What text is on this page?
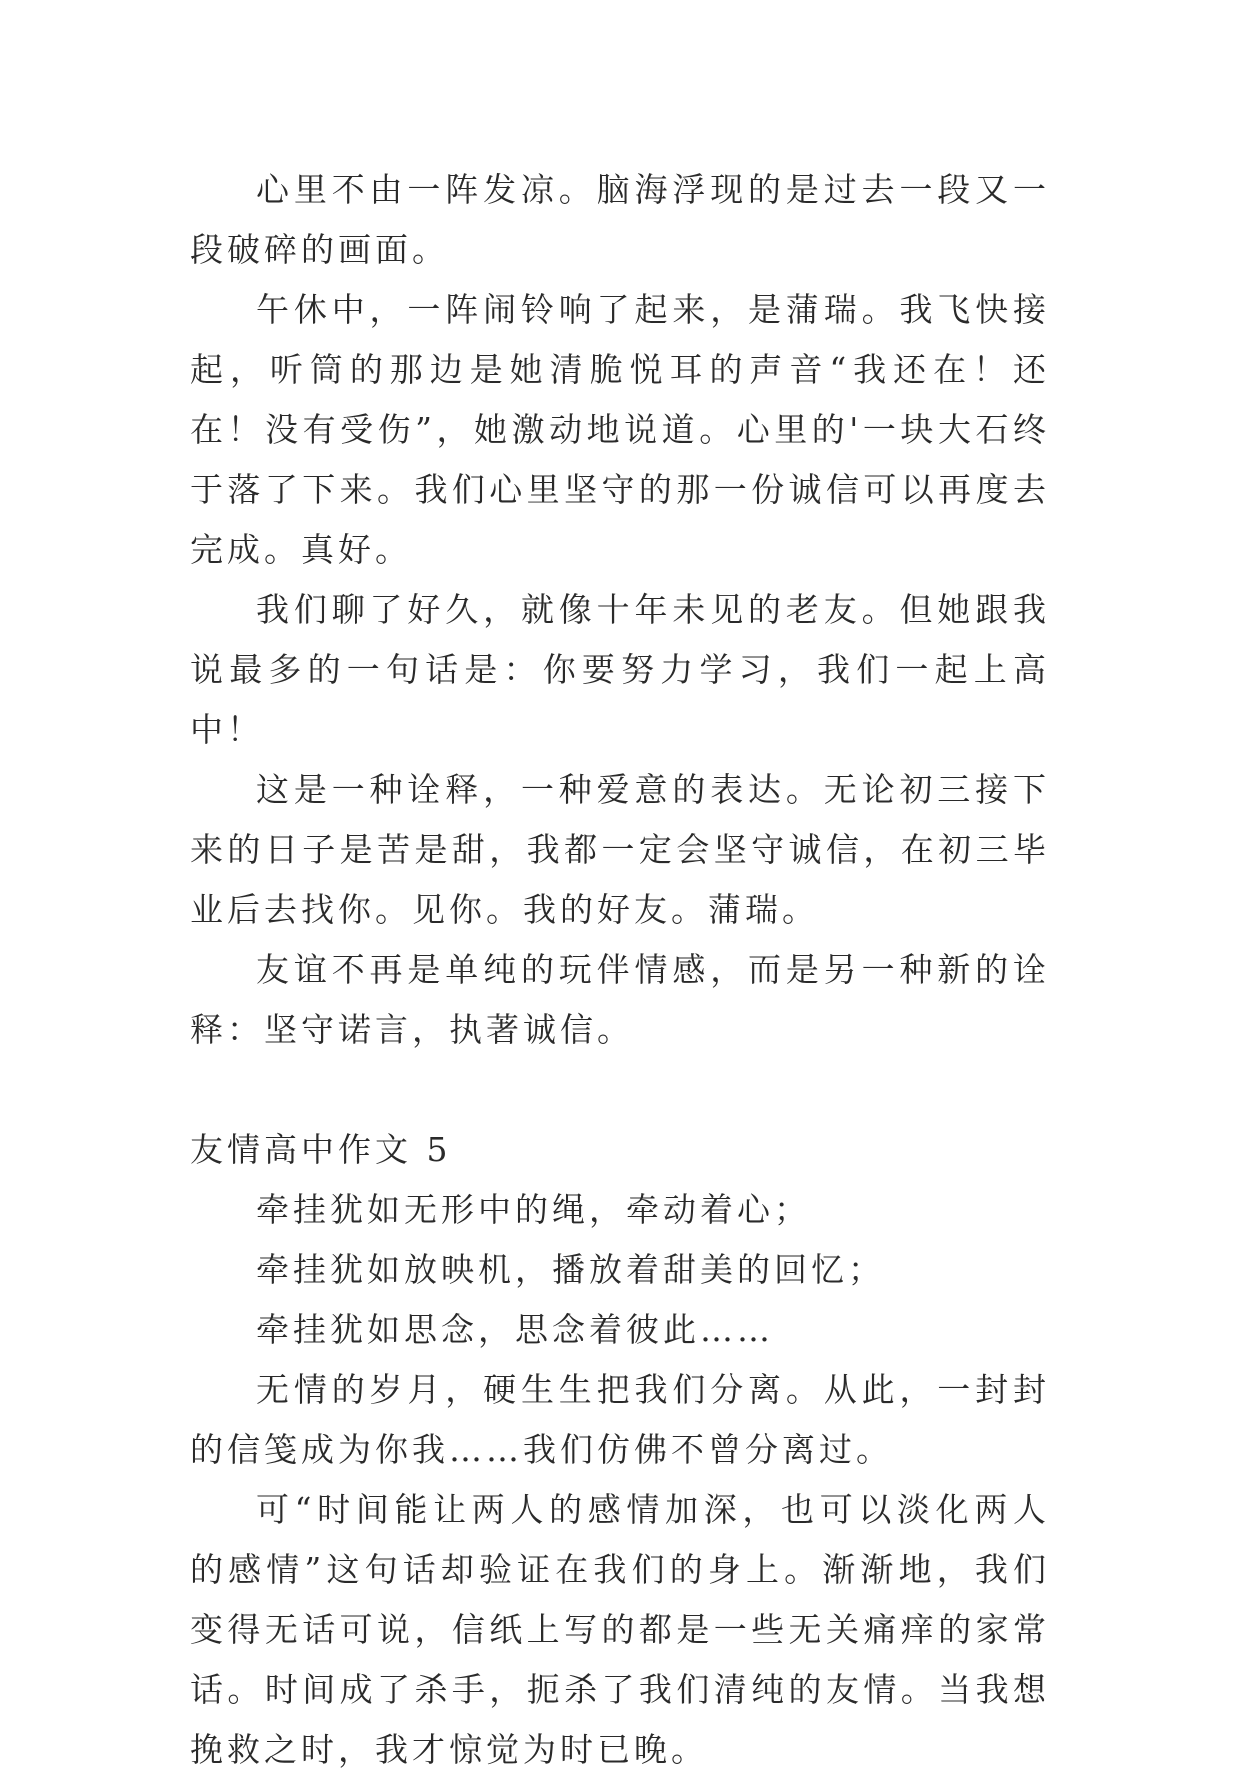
心里不由一阵发凉。脑海浮现的是过去一段又一段破碎的画面。

午休中，一阵闹铃响了起来，是蒲瑞。我飞快接起，听筒的那边是她清脆悦耳的声音“我还在！还在！没有受伤”，她激动地说道。心里的'一块大石终于落了下来。我们心里坚守的那一份诚信可以再度去完成。真好。

我们聊了好久，就像十年未见的老友。但她跟我说最多的一句话是：你要努力学习，我们一起上高中！

这是一种诠释，一种爱意的表达。无论初三接下来的日子是苦是甜，我都一定会坚守诚信，在初三毕业后去找你。见你。我的好友。蒲瑞。

友谊不再是单纯的玩伴情感，而是另一种新的诠释：坚守诺言，执著诚信。

友情高中作文 5

牵挂犹如无形中的绳，牵动着心；

牵挂犹如放映机，播放着甜美的回忆；

牵挂犹如思念，思念着彼此……

无情的岁月，硬生生把我们分离。从此，一封封的信笺成为你我……我们仿佛不曾分离过。

可“时间能让两人的感情加深，也可以淡化两人的感情”这句话却验证在我们的身上。渐渐地，我们变得无话可说，信纸上写的都是一些无关痛痒的家常话。时间成了杀手，扼杀了我们清纯的友情。当我想挽救之时，我才惊觉为时已晚。
